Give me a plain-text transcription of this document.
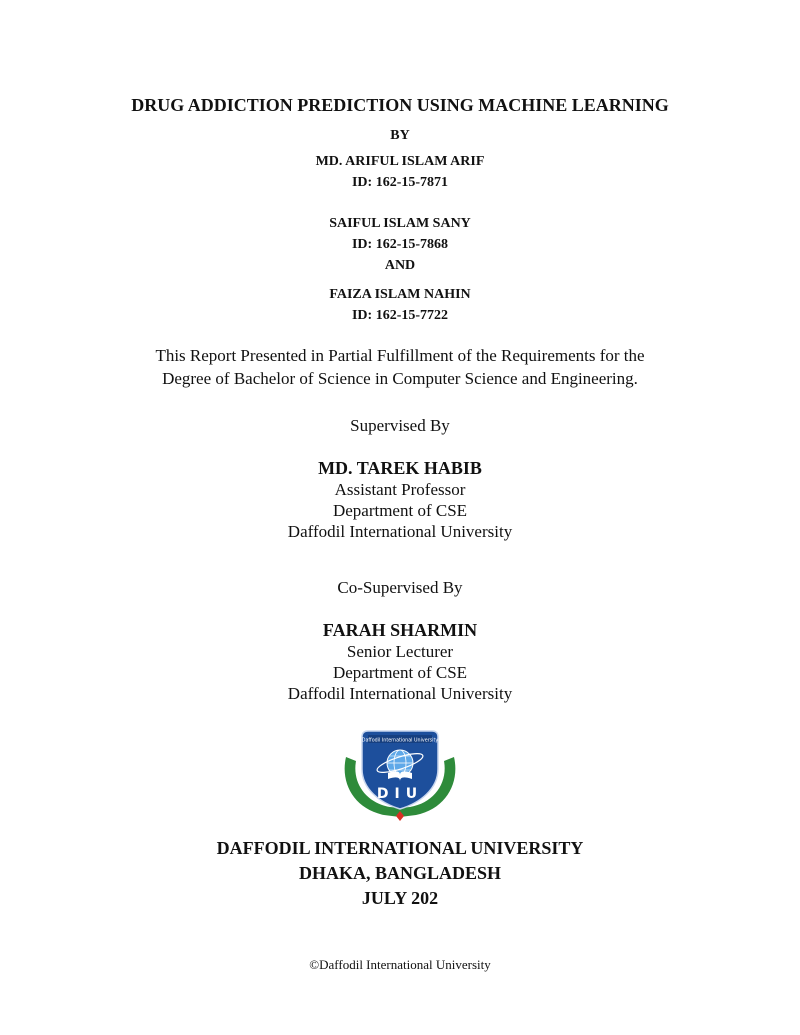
DRUG ADDICTION PREDICTION USING MACHINE LEARNING
BY
MD. ARIFUL ISLAM ARIF
ID: 162-15-7871
SAIFUL ISLAM SANY
ID: 162-15-7868
AND
FAIZA ISLAM NAHIN
ID: 162-15-7722
This Report Presented in Partial Fulfillment of the Requirements for the
Degree of Bachelor of Science in Computer Science and Engineering.
Supervised By
MD. TAREK HABIB
Assistant Professor
Department of CSE
Daffodil International University
Co-Supervised By
FARAH SHARMIN
Senior Lecturer
Department of CSE
Daffodil International University
Daffodil International University
DIU
DAFFODIL INTERNATIONAL UNIVERSITY
DHAKA, BANGLADESH
JULY 202
©Daffodil International University
